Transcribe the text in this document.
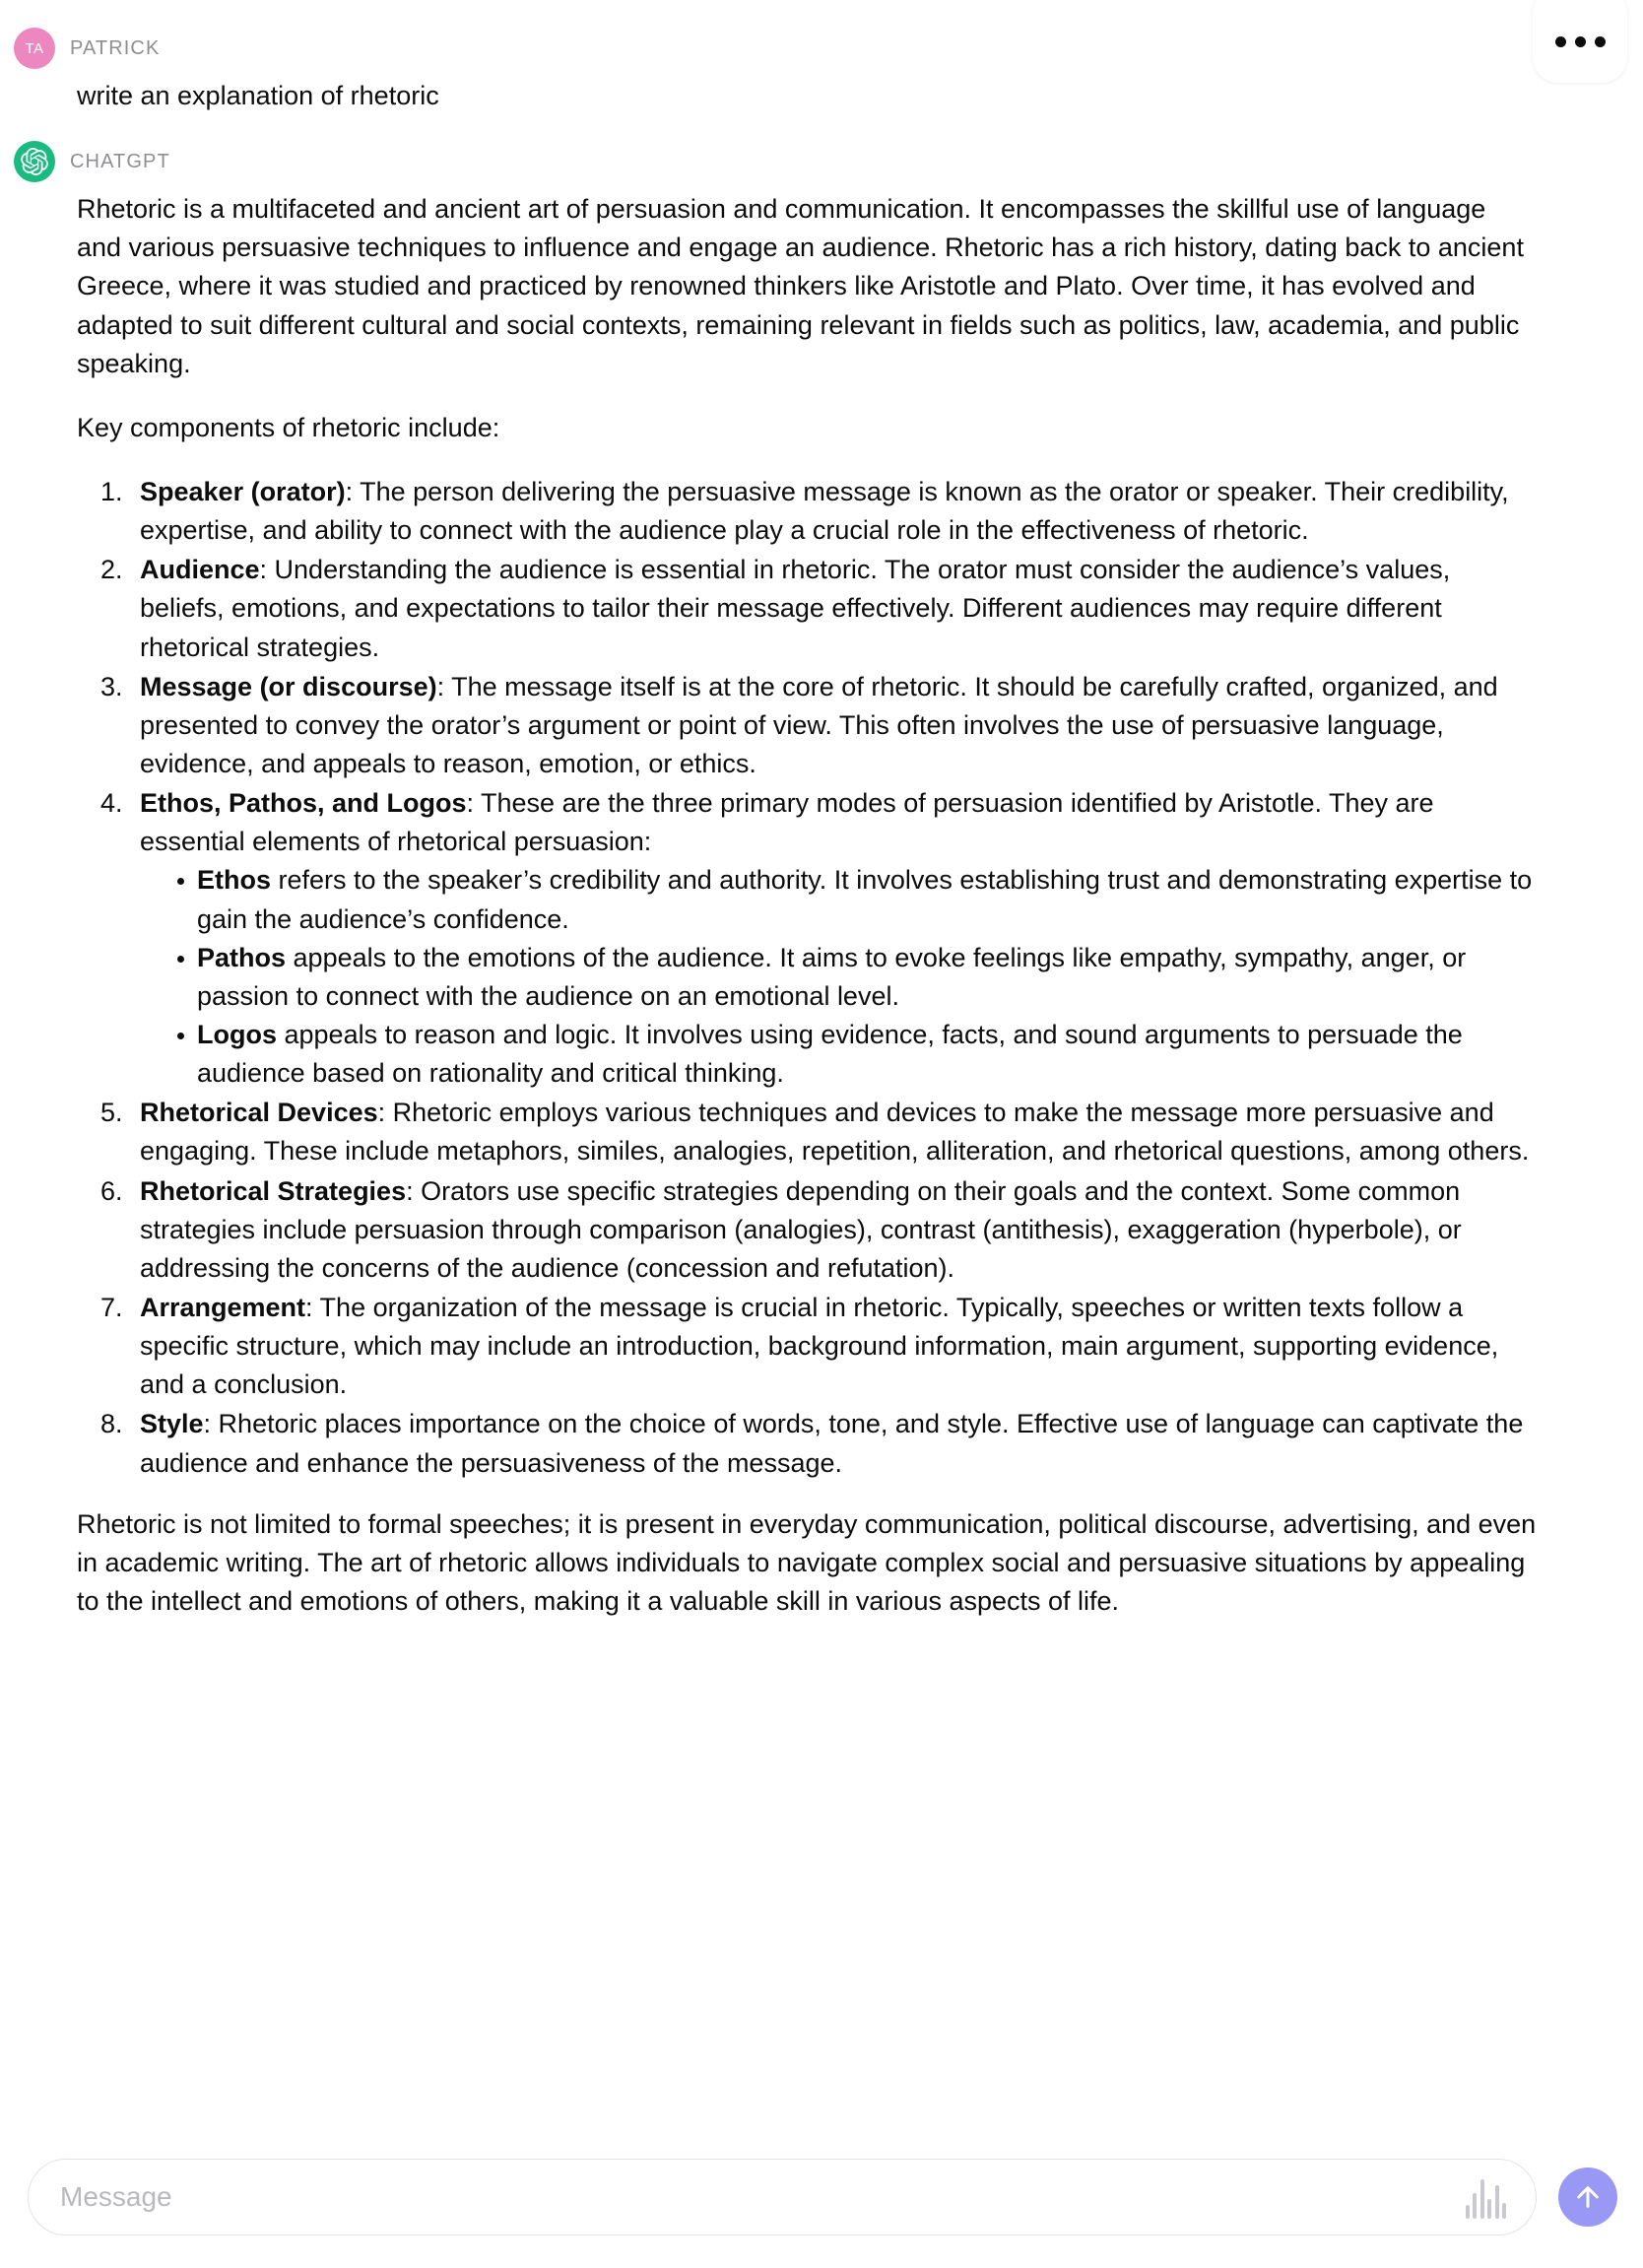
TA PATRICK

write an explanation of rhetoric

CHATGPT

Rhetoric is a multifaceted and ancient art of persuasion and communication. It encompasses the skillful use of language and various persuasive techniques to influence and engage an audience. Rhetoric has a rich history, dating back to ancient Greece, where it was studied and practiced by renowned thinkers like Aristotle and Plato. Over time, it has evolved and adapted to suit different cultural and social contexts, remaining relevant in fields such as politics, law, academia, and public speaking.

Key components of rhetoric include:

1. Speaker (orator): The person delivering the persuasive message is known as the orator or speaker. Their credibility, expertise, and ability to connect with the audience play a crucial role in the effectiveness of rhetoric.
2. Audience: Understanding the audience is essential in rhetoric. The orator must consider the audience’s values, beliefs, emotions, and expectations to tailor their message effectively. Different audiences may require different rhetorical strategies.
3. Message (or discourse): The message itself is at the core of rhetoric. It should be carefully crafted, organized, and presented to convey the orator’s argument or point of view. This often involves the use of persuasive language, evidence, and appeals to reason, emotion, or ethics.
4. Ethos, Pathos, and Logos: These are the three primary modes of persuasion identified by Aristotle. They are essential elements of rhetorical persuasion:
Ethos refers to the speaker’s credibility and authority. It involves establishing trust and demonstrating expertise to gain the audience’s confidence.
Pathos appeals to the emotions of the audience. It aims to evoke feelings like empathy, sympathy, anger, or passion to connect with the audience on an emotional level.
Logos appeals to reason and logic. It involves using evidence, facts, and sound arguments to persuade the audience based on rationality and critical thinking.
5. Rhetorical Devices: Rhetoric employs various techniques and devices to make the message more persuasive and engaging. These include metaphors, similes, analogies, repetition, alliteration, and rhetorical questions, among others.
6. Rhetorical Strategies: Orators use specific strategies depending on their goals and the context. Some common strategies include persuasion through comparison (analogies), contrast (antithesis), exaggeration (hyperbole), or addressing the concerns of the audience (concession and refutation).
7. Arrangement: The organization of the message is crucial in rhetoric. Typically, speeches or written texts follow a specific structure, which may include an introduction, background information, main argument, supporting evidence, and a conclusion.
8. Style: Rhetoric places importance on the choice of words, tone, and style. Effective use of language can captivate the audience and enhance the persuasiveness of the message.

Rhetoric is not limited to formal speeches; it is present in everyday communication, political discourse, advertising, and even in academic writing. The art of rhetoric allows individuals to navigate complex social and persuasive situations by appealing to the intellect and emotions of others, making it a valuable skill in various aspects of life.

Message
